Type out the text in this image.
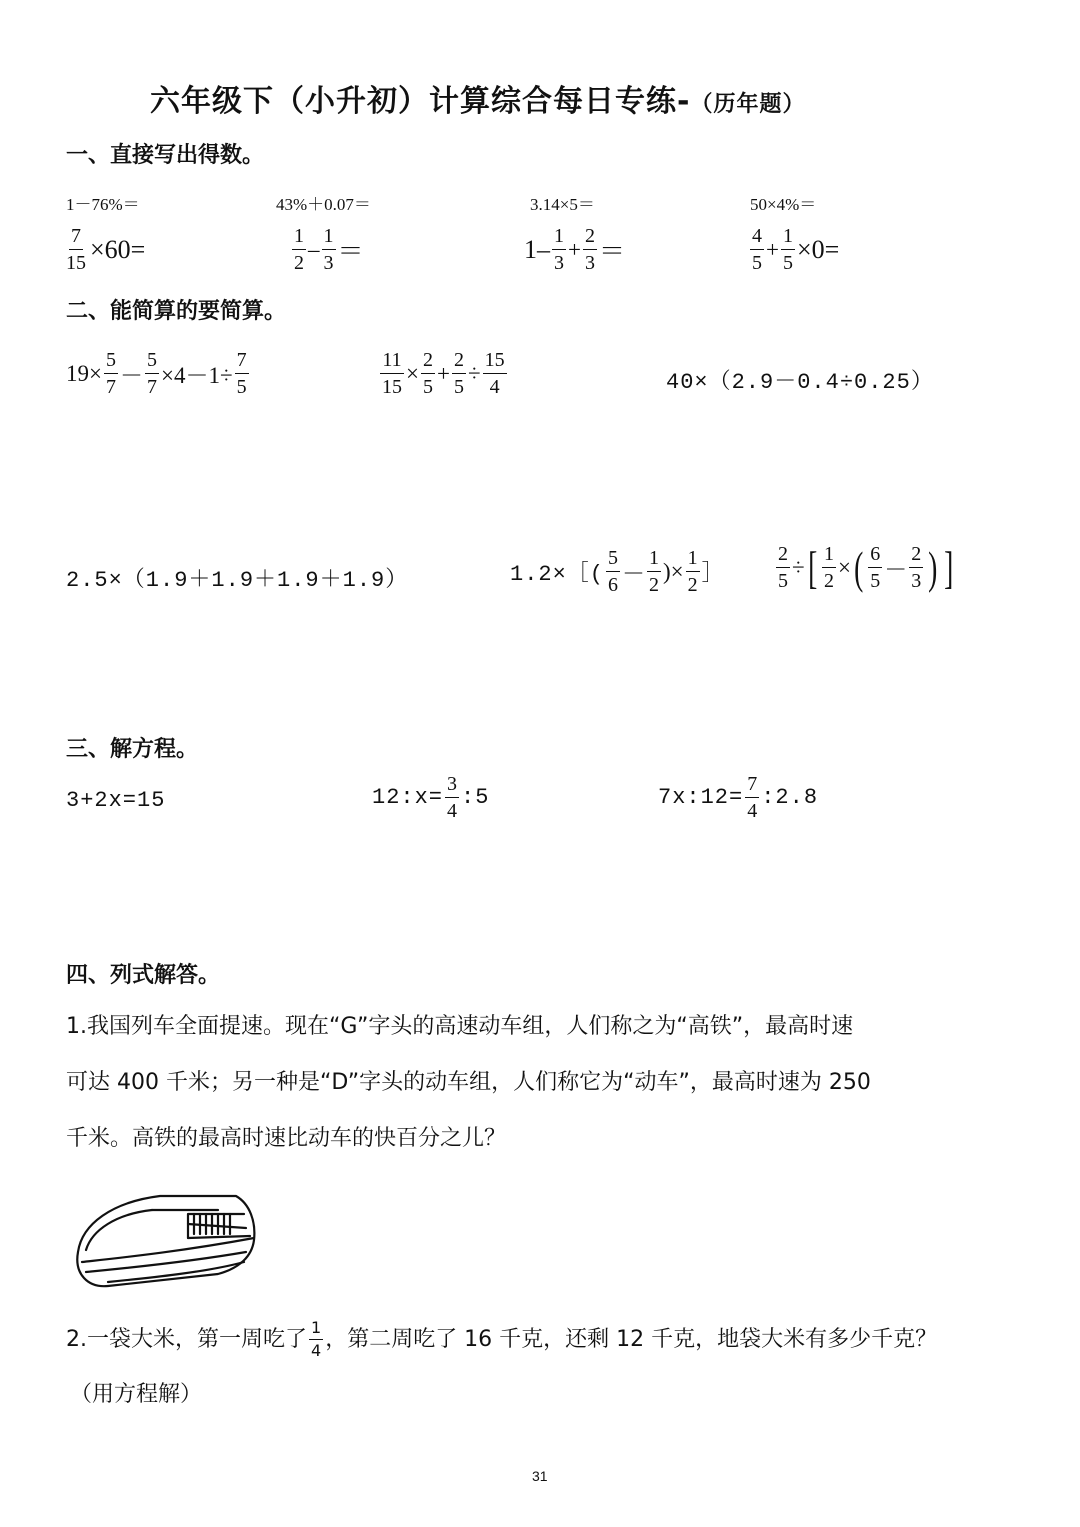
六年级下（小升初）计算综合每日专练-（历年题）
一、直接写出得数。
1－76%＝	43%＋0.07＝	3.14×5＝	50×4%＝
$\frac{7}{15} \times 60=$	$\frac{1}{2} - \frac{1}{3}$ ＝	$1- \frac{1}{3} + \frac{2}{3}$ ＝	$\frac{4}{5} + \frac{1}{5} \times 0=$
二、能简算的要简算。
$19\times \frac{5}{7} - \frac{5}{7} \times 4-1\div \frac{7}{5}$	$\frac{11}{15} \times \frac{2}{5} + \frac{2}{5} \div \frac{15}{4}$	40×（2.9－0.4÷0.25）
2.5×（1.9＋1.9＋1.9＋1.9）	1.2×［( $\frac{5}{6} - \frac{1}{2}$ )× $\frac{1}{2}$ ］	$\frac{2}{5}$ ÷ [ $\frac{1}{2}$ × ( $\frac{6}{5} - \frac{2}{3}$ ) ]
三、解方程。
3+2x=15	12:x= $\frac{3}{4}$ :5	7x:12= $\frac{7}{4}$ :2.8
四、列式解答。
1.我国列车全面提速。现在“G”字头的高速动车组，人们称之为“高铁”，最高时速
可达 400 千米；另一种是“D”字头的动车组，人们称它为“动车”，最高时速为 250
千米。高铁的最高时速比动车的快百分之儿？
2.一袋大米，第一周吃了 $\frac{1}{4}$ ，第二周吃了 16 千克，还剩 12 千克，地袋大米有多少千克？
（用方程解）
31
